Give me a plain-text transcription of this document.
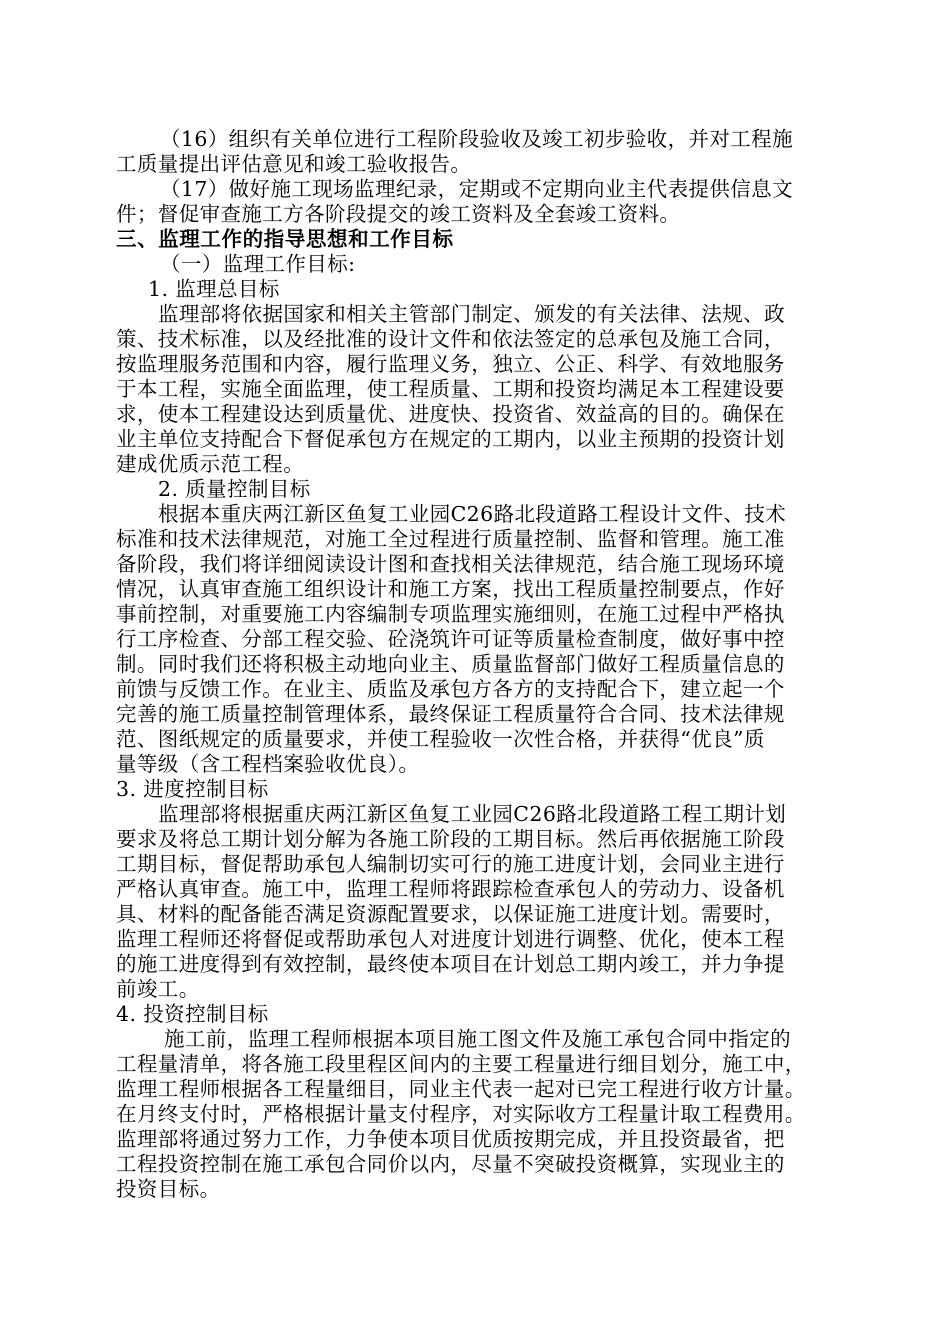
（16）组织有关单位进行工程阶段验收及竣工初步验收，并对工程施
工质量提出评估意见和竣工验收报告。
（17）做好施工现场监理纪录，定期或不定期向业主代表提供信息文
件；督促审查施工方各阶段提交的竣工资料及全套竣工资料。
三、监理工作的指导思想和工作目标
（一）监理工作目标:
1. 监理总目标
监理部将依据国家和相关主管部门制定、颁发的有关法律、法规、政
策、技术标准，以及经批准的设计文件和依法签定的总承包及施工合同，
按监理服务范围和内容，履行监理义务，独立、公正、科学、有效地服务
于本工程，实施全面监理，使工程质量、工期和投资均满足本工程建设要
求，使本工程建设达到质量优、进度快、投资省、效益高的目的。确保在
业主单位支持配合下督促承包方在规定的工期内，以业主预期的投资计划
建成优质示范工程。
2. 质量控制目标
根据本重庆两江新区鱼复工业园C26路北段道路工程设计文件、技术
标准和技术法律规范，对施工全过程进行质量控制、监督和管理。施工准
备阶段，我们将详细阅读设计图和查找相关法律规范，结合施工现场环境
情况，认真审查施工组织设计和施工方案，找出工程质量控制要点，作好
事前控制，对重要施工内容编制专项监理实施细则，在施工过程中严格执
行工序检查、分部工程交验、砼浇筑许可证等质量检查制度，做好事中控
制。同时我们还将积极主动地向业主、质量监督部门做好工程质量信息的
前馈与反馈工作。在业主、质监及承包方各方的支持配合下，建立起一个
完善的施工质量控制管理体系，最终保证工程质量符合合同、技术法律规
范、图纸规定的质量要求，并使工程验收一次性合格，并获得“优良”质
量等级（含工程档案验收优良）。
3. 进度控制目标
监理部将根据重庆两江新区鱼复工业园C26路北段道路工程工期计划
要求及将总工期计划分解为各施工阶段的工期目标。然后再依据施工阶段
工期目标，督促帮助承包人编制切实可行的施工进度计划，会同业主进行
严格认真审查。施工中，监理工程师将跟踪检查承包人的劳动力、设备机
具、材料的配备能否满足资源配置要求，以保证施工进度计划。需要时，
监理工程师还将督促或帮助承包人对进度计划进行调整、优化，使本工程
的施工进度得到有效控制，最终使本项目在计划总工期内竣工，并力争提
前竣工。
4. 投资控制目标
施工前，监理工程师根据本项目施工图文件及施工承包合同中指定的
工程量清单，将各施工段里程区间内的主要工程量进行细目划分，施工中，
监理工程师根据各工程量细目，同业主代表一起对已完工程进行收方计量。
在月终支付时，严格根据计量支付程序，对实际收方工程量计取工程费用。
监理部将通过努力工作，力争使本项目优质按期完成，并且投资最省，把
工程投资控制在施工承包合同价以内，尽量不突破投资概算，实现业主的
投资目标。
